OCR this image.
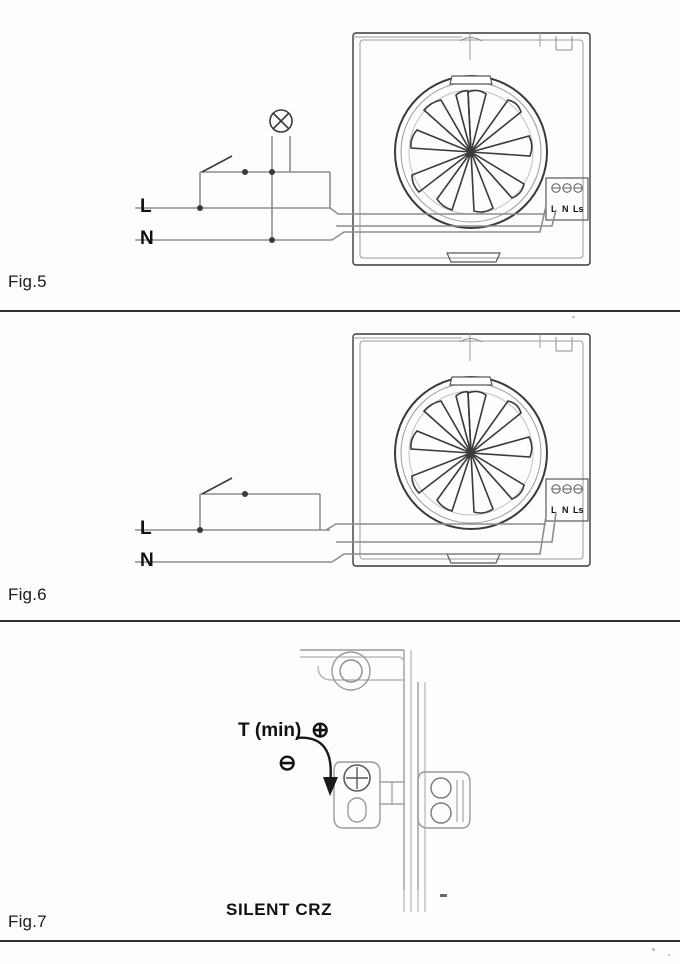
L N Ls
L
N
Fig.5
L N Ls
L
N
Fig.6
T (min) ⊕
⊖
SILENT CRZ
Fig.7
